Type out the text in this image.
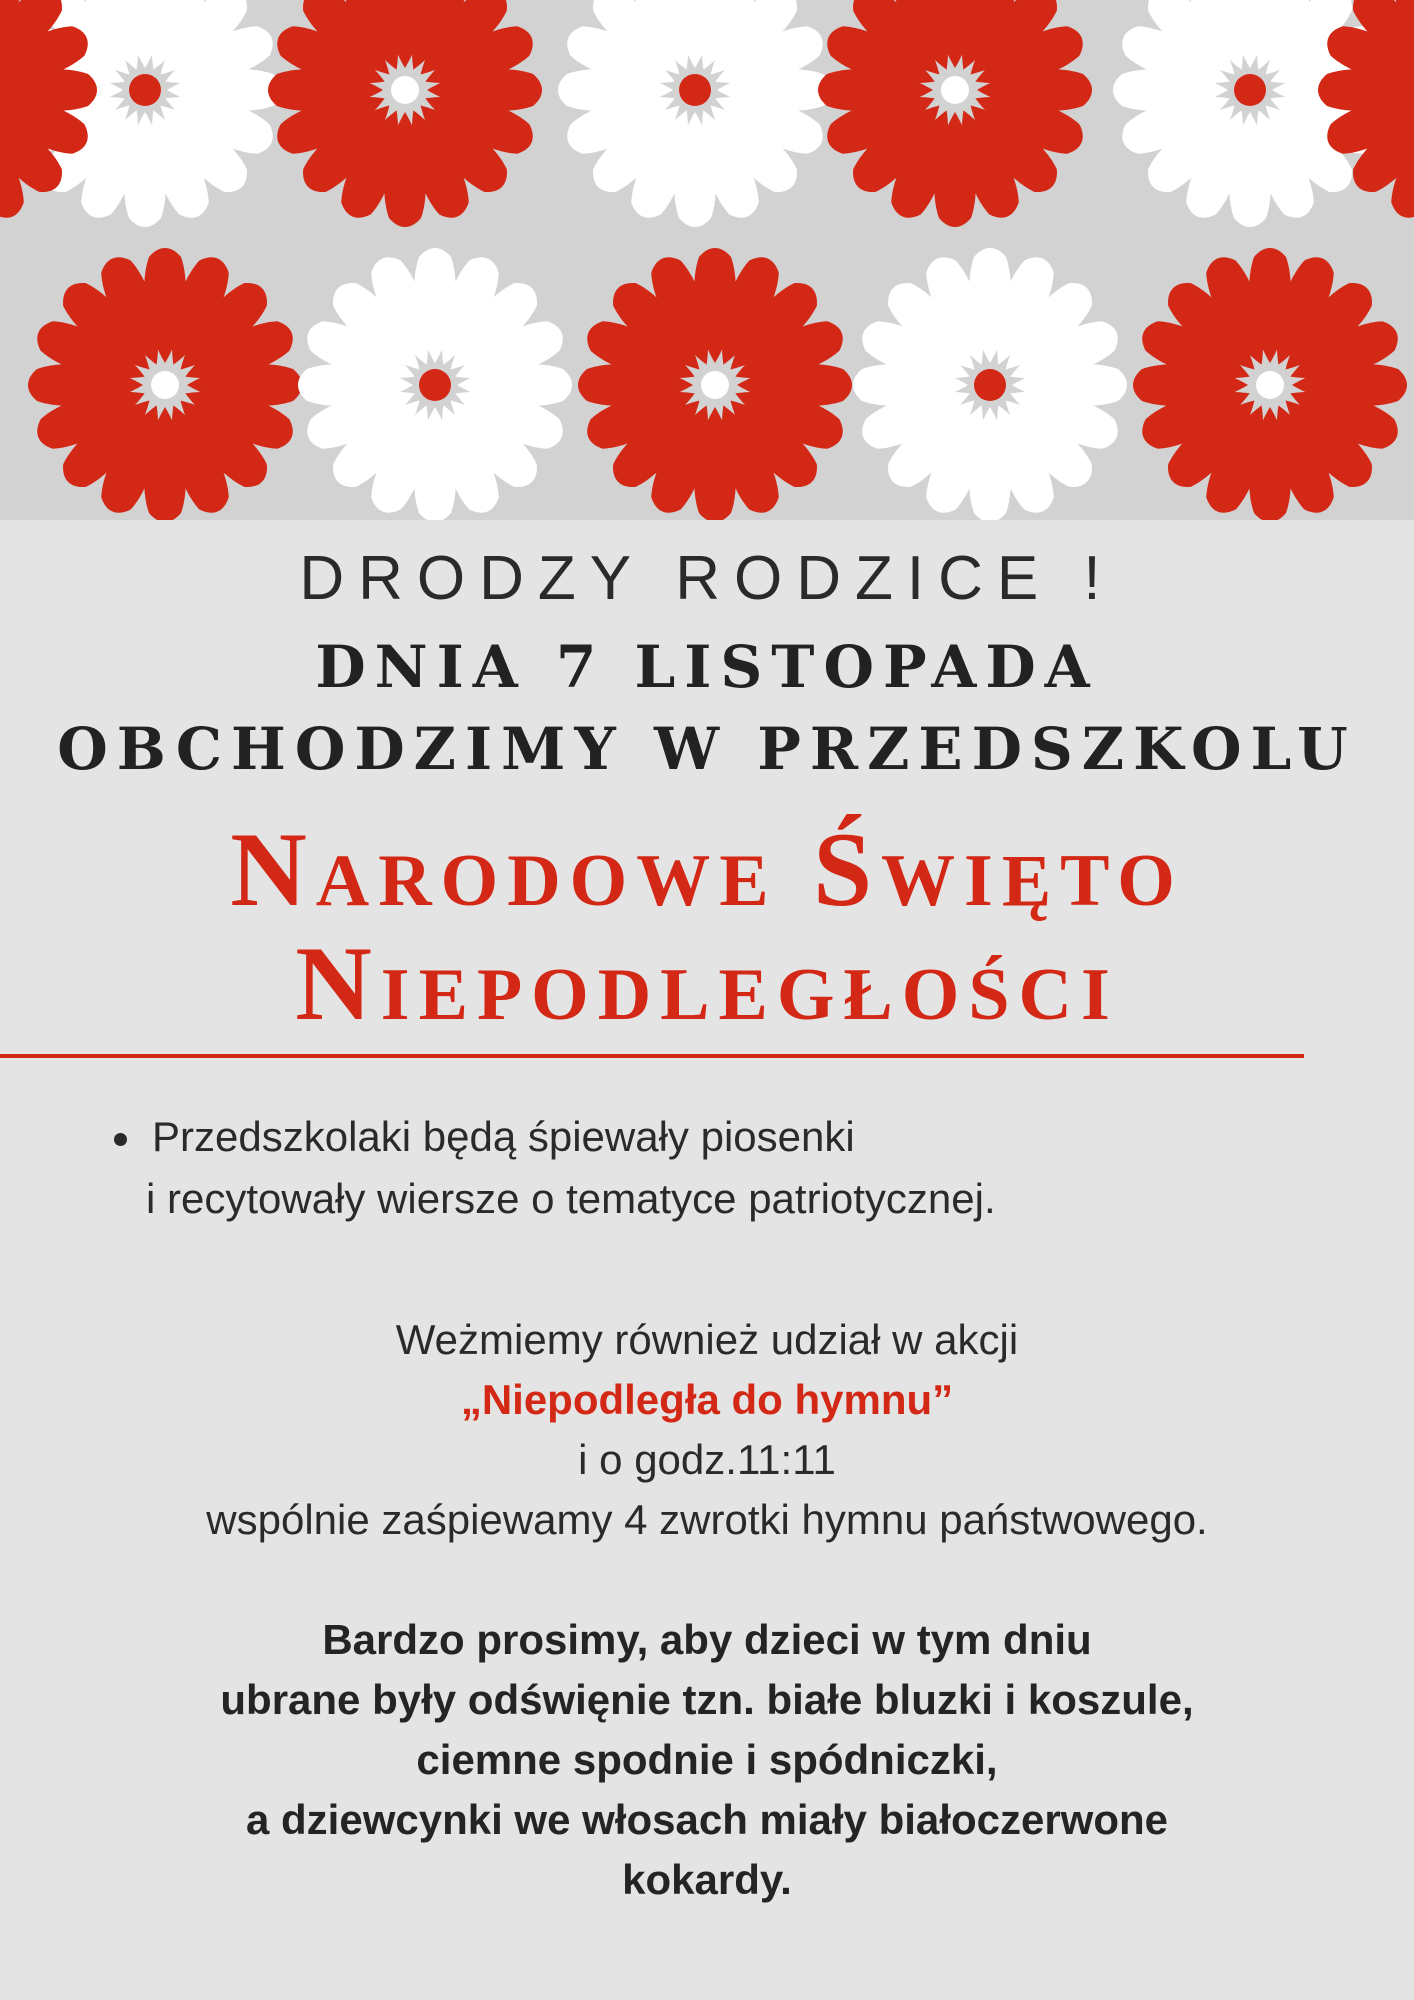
DRODZY RODZICE !
DNIA 7 LISTOPADA
OBCHODZIMY W PRZEDSZKOLU
Narodowe Święto
Niepodległości
Przedszkolaki będą śpiewały piosenki
i recytowały wiersze o tematyce patriotycznej.

Weżmiemy również udział w akcji

„Niepodległa do hymnu”

i o godz.11:11

wspólnie zaśpiewamy 4 zwrotki hymnu państwowego.

Bardzo prosimy, aby dzieci w tym dniu

ubrane były odświęnie tzn. białe bluzki i koszule,

ciemne spodnie i spódniczki,

a dziewcynki we włosach miały białoczerwone

kokardy.
